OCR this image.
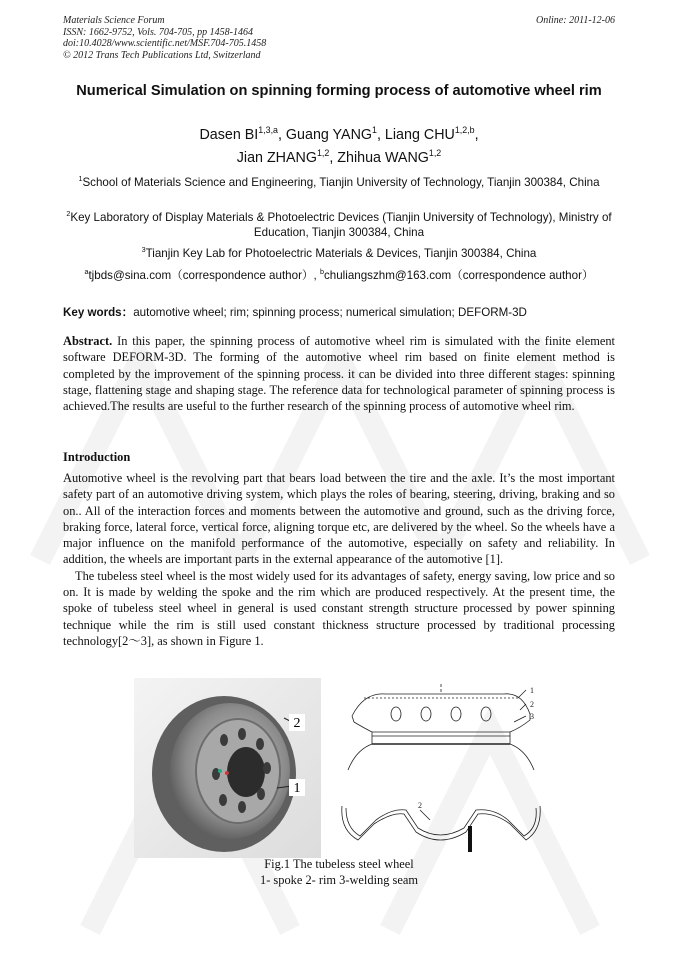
Materials Science Forum
ISSN: 1662-9752, Vols. 704-705, pp 1458-1464
doi:10.4028/www.scientific.net/MSF.704-705.1458
© 2012 Trans Tech Publications Ltd, Switzerland
Online: 2011-12-06
Numerical Simulation on spinning forming process of automotive wheel rim
Dasen BI$^{1,3,a}$, Guang YANG$^1$, Liang CHU$^{1,2,b}$,
Jian ZHANG$^{1,2}$, Zhihua WANG$^{1,2}$
$^1$School of Materials Science and Engineering, Tianjin University of Technology, Tianjin 300384, China
$^2$Key Laboratory of Display Materials & Photoelectric Devices (Tianjin University of Technology), Ministry of Education, Tianjin 300384, China
$^3$Tianjin Key Lab for Photoelectric Materials & Devices, Tianjin 300384, China
$^a$tjbds@sina.com（correspondence author）, $^b$chuliangszhm@163.com（correspondence author）
Key words：automotive wheel; rim; spinning process; numerical simulation; DEFORM-3D
Abstract. In this paper, the spinning process of automotive wheel rim is simulated with the finite element software DEFORM-3D. The forming of the automotive wheel rim based on finite element method is completed by the improvement of the spinning process. it can be divided into three different stages: spinning stage, flattening stage and shaping stage. The reference data for technological parameter of spinning process is achieved.The results are useful to the further research of the spinning process of automotive wheel rim.
Introduction
Automotive wheel is the revolving part that bears load between the tire and the axle. It’s the most important safety part of an automotive driving system, which plays the roles of bearing, steering, driving, braking and so on.. All of the interaction forces and moments between the automotive and ground, such as the driving force, braking force, lateral force, vertical force, aligning torque etc, are delivered by the wheel. So the wheels have a major influence on the manifold performance of the automotive, especially on safety and reliability. In addition, the wheels are important parts in the external appearance of the automotive [1].
The tubeless steel wheel is the most widely used for its advantages of safety, energy saving, low price and so on. It is made by welding the spoke and the rim which are produced respectively. At the present time, the spoke of tubeless steel wheel in general is used constant strength structure processed by power spinning technique while the rim is still used constant thickness structure processed by traditional processing technology[2～3], as shown in Figure 1.
2
1
1
2
3
2
Fig.1 The tubeless steel wheel
1- spoke 2- rim 3-welding seam
